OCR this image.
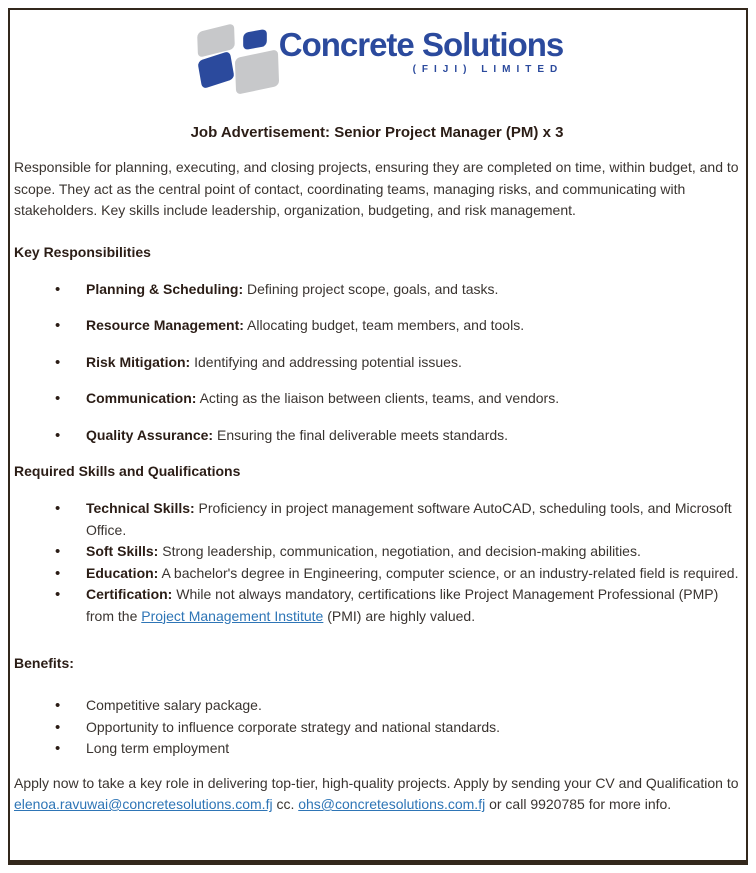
Concrete Solutions
(FIJI) LIMITED
Job Advertisement: Senior Project Manager (PM) x 3

Responsible for planning, executing, and closing projects, ensuring they are completed on time, within budget, and to scope. They act as the central point of contact, coordinating teams, managing risks, and communicating with stakeholders. Key skills include leadership, organization, budgeting, and risk management.

Key Responsibilities
• Planning & Scheduling: Defining project scope, goals, and tasks.
• Resource Management: Allocating budget, team members, and tools.
• Risk Mitigation: Identifying and addressing potential issues.
• Communication: Acting as the liaison between clients, teams, and vendors.
• Quality Assurance: Ensuring the final deliverable meets standards.
Required Skills and Qualifications
• Technical Skills: Proficiency in project management software AutoCAD, scheduling tools, and Microsoft Office.
• Soft Skills: Strong leadership, communication, negotiation, and decision-making abilities.
• Education: A bachelor's degree in Engineering, computer science, or an industry-related field is required.
• Certification: While not always mandatory, certifications like Project Management Professional (PMP) from the Project Management Institute (PMI) are highly valued.
Benefits:
• Competitive salary package.
• Opportunity to influence corporate strategy and national standards.
• Long term employment

Apply now to take a key role in delivering top-tier, high-quality projects. Apply by sending your CV and Qualification to elenoa.ravuwai@concretesolutions.com.fj cc. ohs@concretesolutions.com.fj or call 9920785 for more info.
